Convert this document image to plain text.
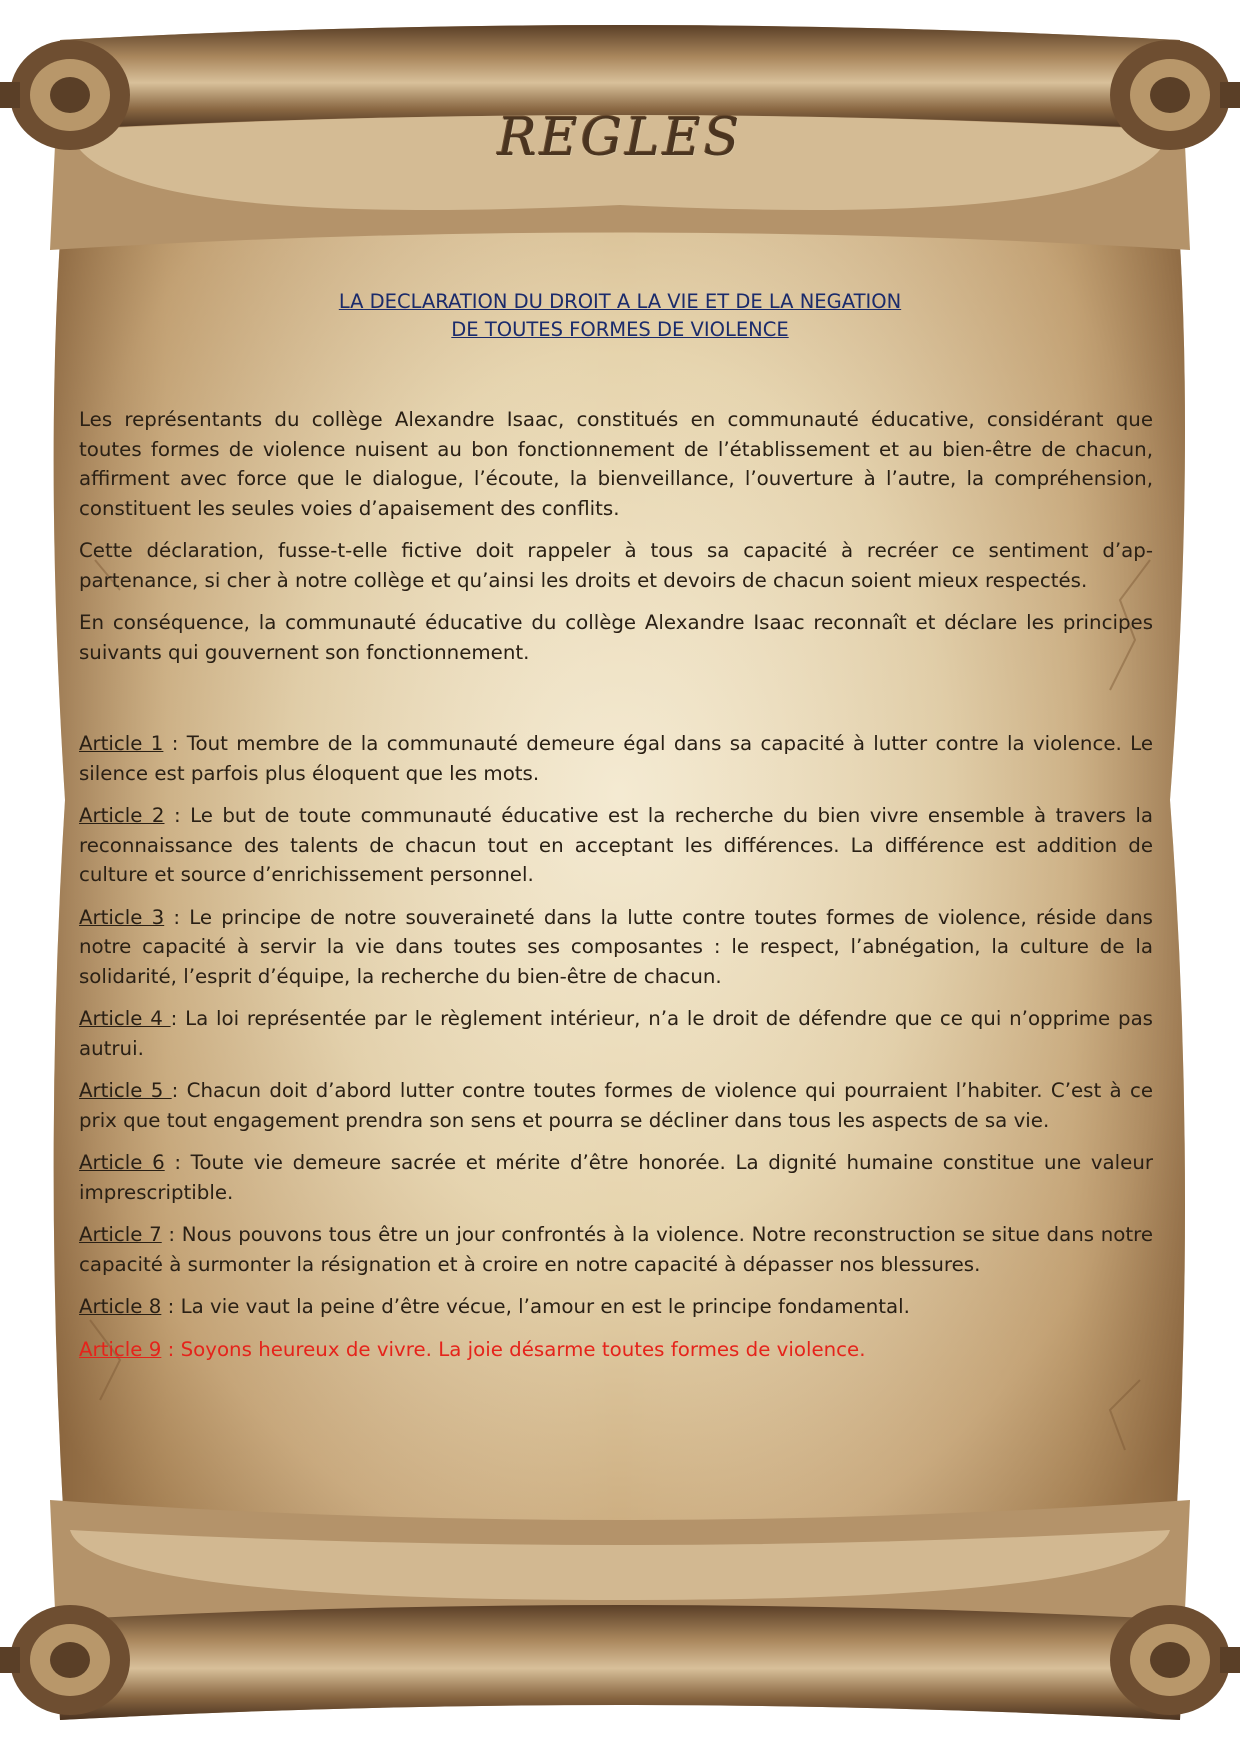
REGLES
LA DECLARATION DU DROIT A LA VIE ET DE LA NEGATION
DE TOUTES FORMES DE VIOLENCE

Les représentants du collège Alexandre Isaac, constitués en communauté éducative, considérant que toutes formes de violence nuisent au bon fonctionnement de l’établissement et au bien-être de chacun, affirment avec force que le dialogue, l’écoute, la bienveillance, l’ouverture à l’autre, la compréhension, constituent les seules voies d’apaisement des conflits.

Cette déclaration, fusse-t-elle fictive doit rappeler à tous sa capacité à recréer ce sentiment d’appartenance, si cher à notre collège et qu’ainsi les droits et devoirs de chacun soient mieux respectés.

En conséquence, la communauté éducative du collège Alexandre Isaac reconnaît et déclare les principes suivants qui gouvernent son fonctionnement.

Article 1 : Tout membre de la communauté demeure égal dans sa capacité à lutter contre la violence. Le silence est parfois plus éloquent que les mots.

Article 2 : Le but de toute communauté éducative est la recherche du bien vivre ensemble à travers la reconnaissance des talents de chacun tout en acceptant les différences. La différence est addition de culture et source d’enrichissement personnel.

Article 3 : Le principe de notre souveraineté dans la lutte contre toutes formes de violence, réside dans notre capacité à servir la vie dans toutes ses composantes : le respect, l’abnégation, la culture de la solidarité, l’esprit d’équipe, la recherche du bien-être de chacun.

Article 4 : La loi représentée par le règlement intérieur, n’a le droit de défendre que ce qui n’opprime pas autrui.

Article 5 : Chacun doit d’abord lutter contre toutes formes de violence qui pourraient l’habiter. C’est à ce prix que tout engagement prendra son sens et pourra se décliner dans tous les aspects de sa vie.

Article 6 : Toute vie demeure sacrée et mérite d’être honorée. La dignité humaine constitue une valeur imprescriptible.

Article 7 : Nous pouvons tous être un jour confrontés à la violence. Notre reconstruction se situe dans notre capacité à surmonter la résignation et à croire en notre capacité à dépasser nos blessures.

Article 8 : La vie vaut la peine d’être vécue, l’amour en est le principe fondamental.

Article 9 : Soyons heureux de vivre. La joie désarme toutes formes de violence.
